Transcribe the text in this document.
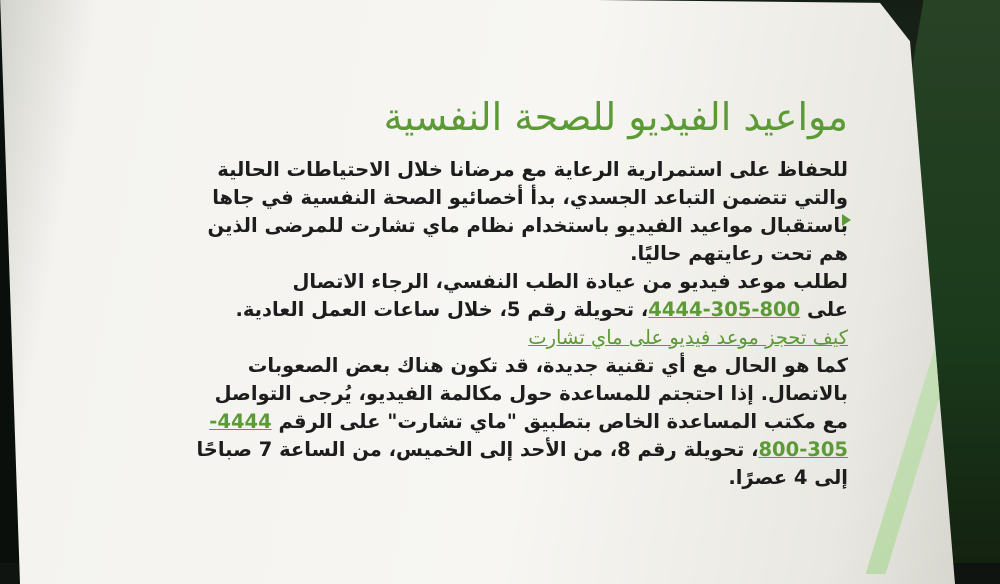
مواعيد الفيديو للصحة النفسية
للحفاظ على استمرارية الرعاية مع مرضانا خلال الاحتياطات الحالية
والتي تتضمن التباعد الجسدي، بدأ أخصائيو الصحة النفسية في جاها
باستقبال مواعيد الفيديو باستخدام نظام ماي تشارت للمرضى الذين
هم تحت رعايتهم حاليًا.
لطلب موعد فيديو من عيادة الطب النفسي، الرجاء الاتصال
على 800-305-4444، تحويلة رقم 5، خلال ساعات العمل العادية.
كيف تحجز موعد فيديو على ماي تشارت
كما هو الحال مع أي تقنية جديدة، قد تكون هناك بعض الصعوبات
بالاتصال. إذا احتجتم للمساعدة حول مكالمة الفيديو، يُرجى التواصل
مع مكتب المساعدة الخاص بتطبيق "ماي تشارت" على الرقم 4444-
800-305، تحويلة رقم 8، من الأحد إلى الخميس، من الساعة 7 صباحًا
إلى 4 عصرًا.
